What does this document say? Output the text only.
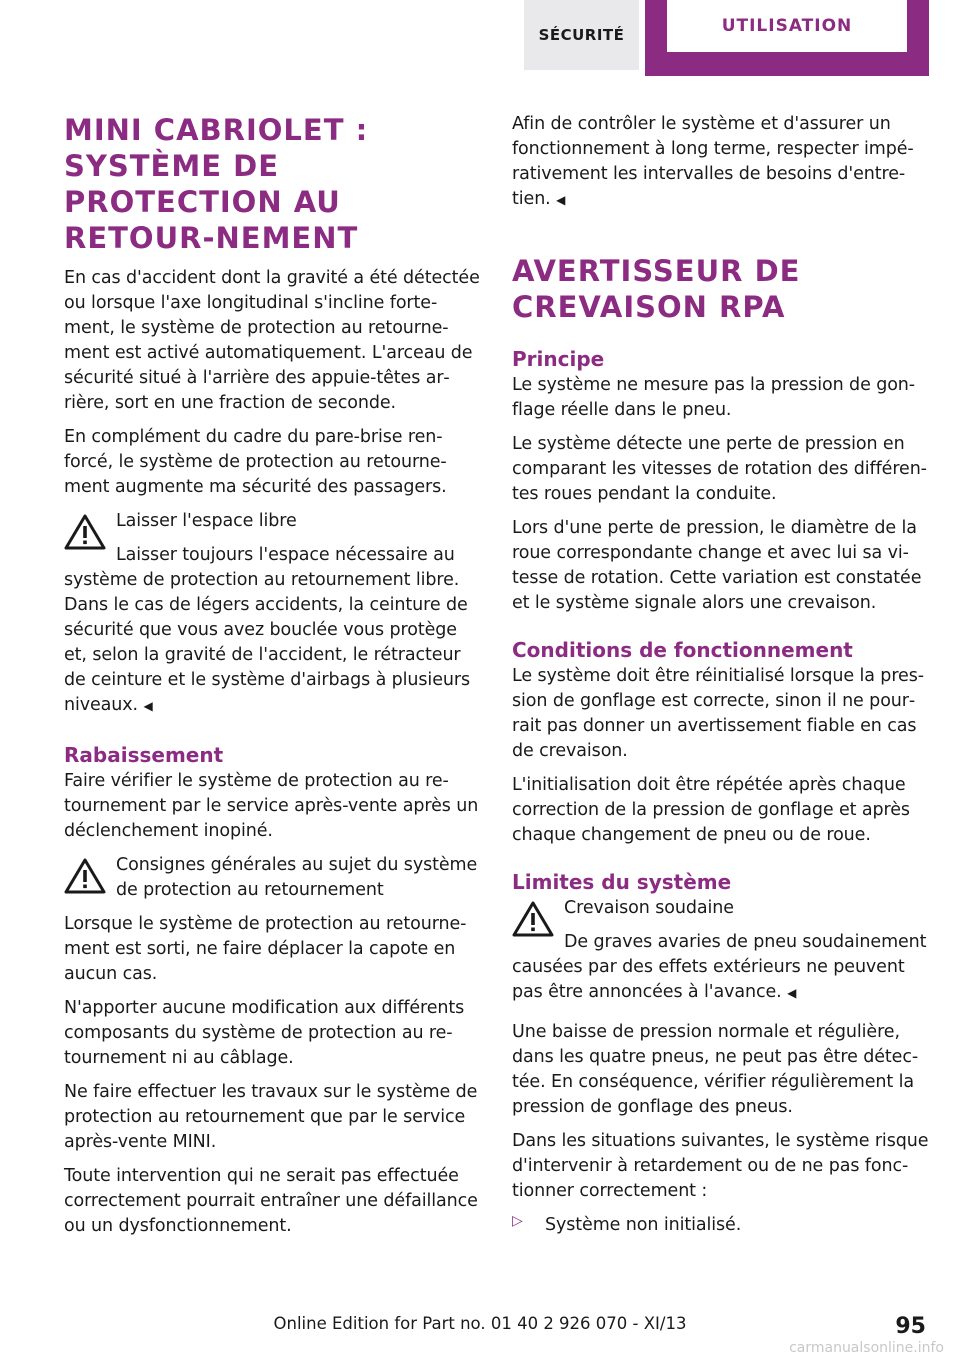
SÉCURITÉ	UTILISATION
MINI CABRIOLET : SYSTÈME DE PROTECTION AU RETOUR‐NEMENT

En cas d'accident dont la gravité a été détectée ou lorsque l'axe longitudinal s'incline forte‐ment, le système de protection au retourne‐ment est activé automatiquement. L'arceau de sécurité situé à l'arrière des appuie-têtes ar‐rière, sort en une fraction de seconde.

En complément du cadre du pare-brise ren‐forcé, le système de protection au retourne‐ment augmente ma sécurité des passagers.

Laisser l'espace libre

Laisser toujours l'espace nécessaire au système de protection au retournement libre. Dans le cas de légers accidents, la ceinture de sécurité que vous avez bouclée vous protège et, selon la gravité de l'accident, le rétracteur de ceinture et le système d'airbags à plusieurs niveaux. ◀

Rabaissement

Faire vérifier le système de protection au re‐tournement par le service après-vente après un déclenchement inopiné.

Consignes générales au sujet du système de protection au retournement

Lorsque le système de protection au retourne‐ment est sorti, ne faire déplacer la capote en aucun cas.

N'apporter aucune modification aux différents composants du système de protection au re‐tournement ni au câblage.

Ne faire effectuer les travaux sur le système de protection au retournement que par le service après-vente MINI.

Toute intervention qui ne serait pas effectuée correctement pourrait entraîner une défaillance ou un dysfonctionnement.

Afin de contrôler le système et d'assurer un fonctionnement à long terme, respecter impé‐rativement les intervalles de besoins d'entre‐tien. ◀

AVERTISSEUR DE CREVAISON RPA
Principe

Le système ne mesure pas la pression de gon‐flage réelle dans le pneu.

Le système détecte une perte de pression en comparant les vitesses de rotation des différen‐tes roues pendant la conduite.

Lors d'une perte de pression, le diamètre de la roue correspondante change et avec lui sa vi‐tesse de rotation. Cette variation est constatée et le système signale alors une crevaison.

Conditions de fonctionnement

Le système doit être réinitialisé lorsque la pres‐sion de gonflage est correcte, sinon il ne pour‐rait pas donner un avertissement fiable en cas de crevaison.

L'initialisation doit être répétée après chaque correction de la pression de gonflage et après chaque changement de pneu ou de roue.

Limites du système

Crevaison soudaine

De graves avaries de pneu soudainement causées par des effets extérieurs ne peuvent pas être annoncées à l'avance. ◀

Une baisse de pression normale et régulière, dans les quatre pneus, ne peut pas être détec‐tée. En conséquence, vérifier régulièrement la pression de gonflage des pneus.

Dans les situations suivantes, le système risque d'intervenir à retardement ou de ne pas fonc‐tionner correctement :

▷	Système non initialisé.

Online Edition for Part no. 01 40 2 926 070 - XI/13	95
carmanualsonline.info
